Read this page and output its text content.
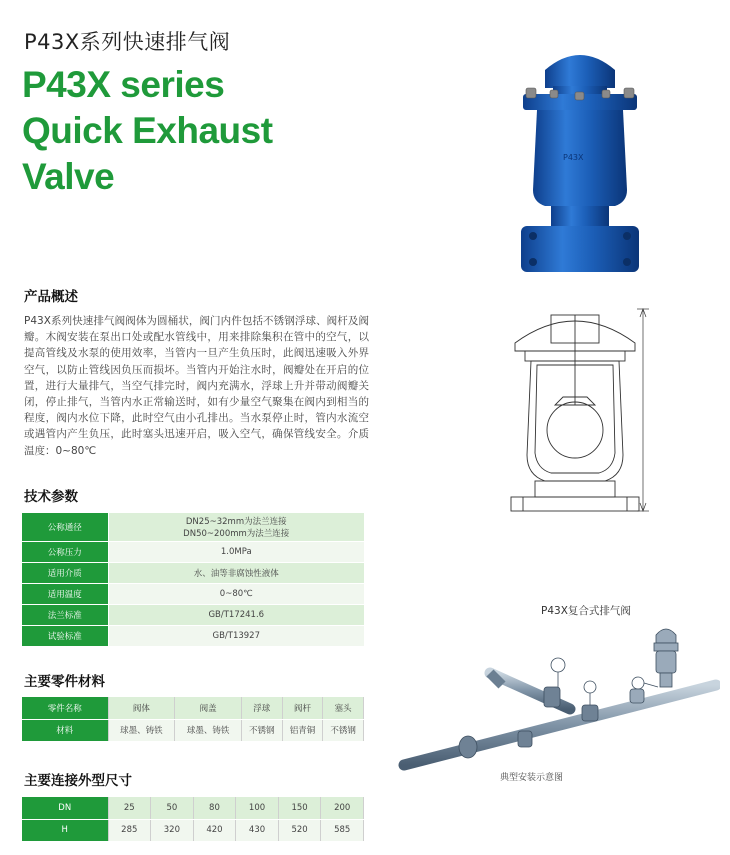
P43X系列快速排气阀
P43X series
Quick Exhaust
Valve	P43X
产品概述
P43X系列快速排气阀阀体为圆桶状，阀门内件包括不锈钢浮球、阀杆及阀瓣。木阀安装在泵出口处或配水管线中，用来排除集积在管中的空气，以提高管线及水泵的使用效率，当管内一旦产生负压时，此阀迅速吸入外界空气，以防止管线因负压而损坏。当管内开始注水时，阀瓣处在开启的位置，进行大量排气，当空气排完时，阀内充满水，浮球上升并带动阀瓣关闭，停止排气，当管内水正常输送时，如有少量空气聚集在阀内到相当的程度，阀内水位下降，此时空气由小孔排出。当水泵停止时，管内水流空或遇管内产生负压，此时塞头迅速开启，吸入空气，确保管线安全。介质温度：0~80℃
技术参数
公称通径	DN25~32mm为法兰连接
DN50~200mm为法兰连接

公称压力	1.0MPa
适用介质	水、油等非腐蚀性液体
适用温度	0~80℃
法兰标准	GB/T17241.6
试验标准	GB/T13927
主要零件材料
零件名称	阀体	阀盖	浮球	阀杆	塞头
材料	球墨、铸铁	球墨、铸铁	不锈钢	铝青铜	不锈钢
主要连接外型尺寸
DN	25	50	80	100	150	200
H	285	320	420	430	520	585
P43X复合式排气阀
典型安装示意图
